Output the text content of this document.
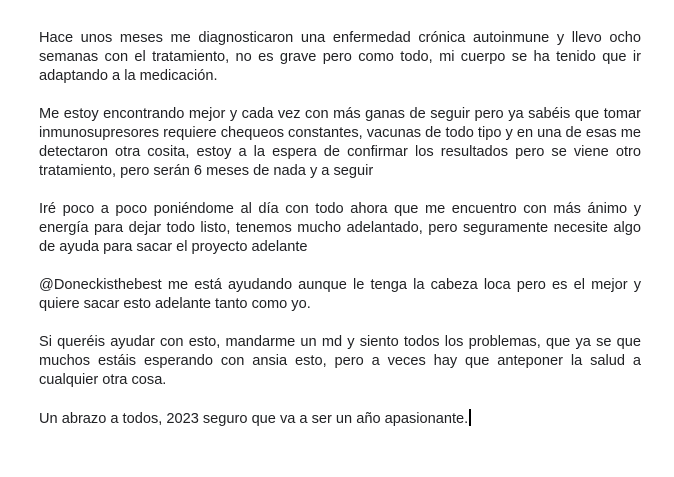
Hace unos meses me diagnosticaron una enfermedad crónica autoinmune y llevo ocho semanas con el tratamiento, no es grave pero como todo, mi cuerpo se ha tenido que ir adaptando a la medicación.

Me estoy encontrando mejor y cada vez con más ganas de seguir pero ya sabéis que tomar inmunosupresores requiere chequeos constantes, vacunas de todo tipo y en una de esas me detectaron otra cosita, estoy a la espera de confirmar los resultados pero se viene otro tratamiento, pero serán 6 meses de nada y a seguir

Iré poco a poco poniéndome al día con todo ahora que me encuentro con más ánimo y energía para dejar todo listo, tenemos mucho adelantado, pero seguramente necesite algo de ayuda para sacar el proyecto adelante

@Doneckisthebest me está ayudando aunque le tenga la cabeza loca pero es el mejor y quiere sacar esto adelante tanto como yo.

Si queréis ayudar con esto, mandarme un md y siento todos los problemas, que ya se que muchos estáis esperando con ansia esto, pero a veces hay que anteponer la salud a cualquier otra cosa.

Un abrazo a todos, 2023 seguro que va a ser un año apasionante.
